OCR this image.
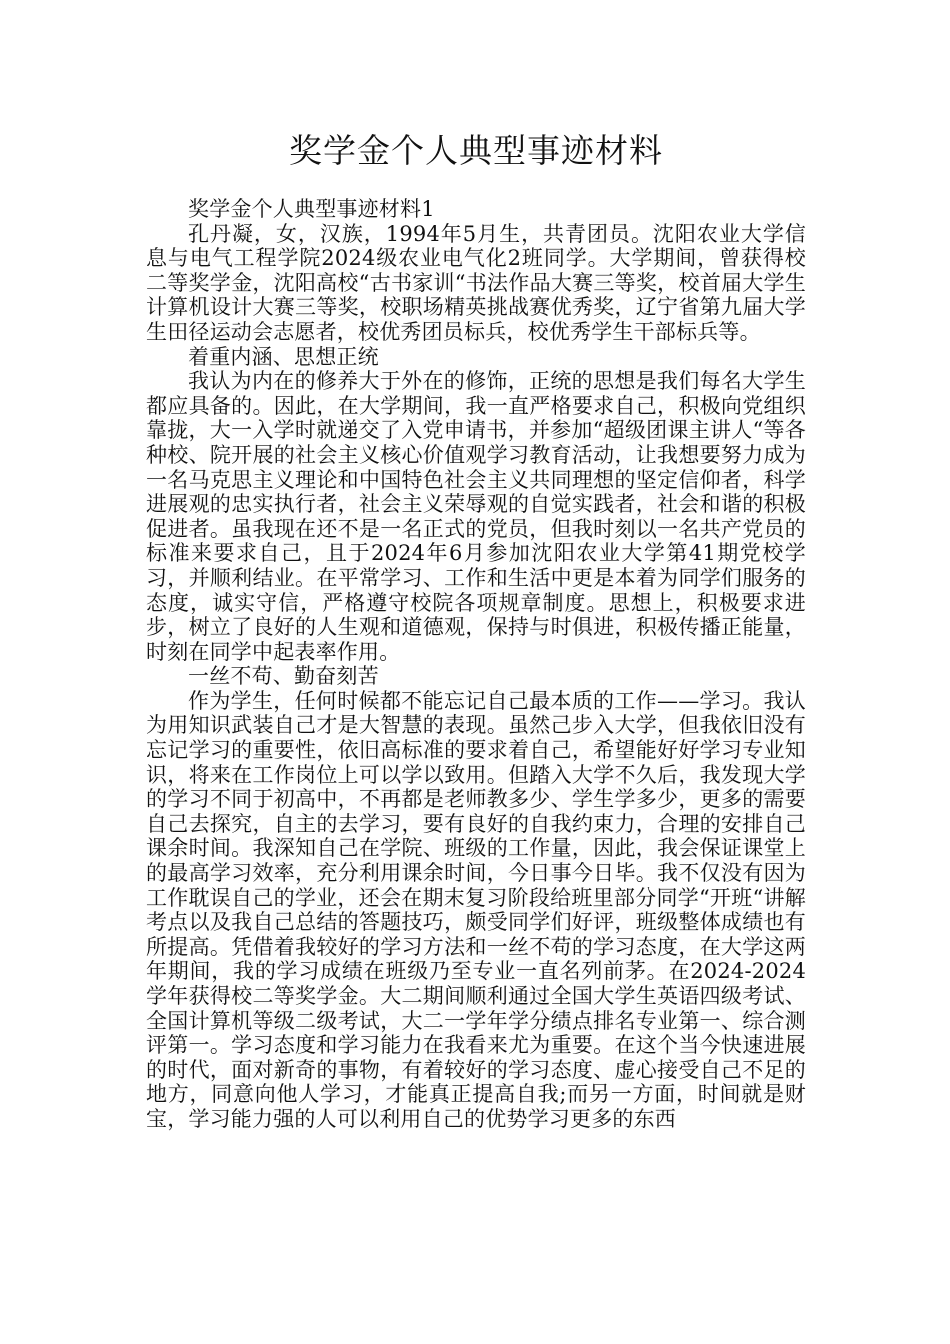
奖学金个人典型事迹材料

奖学金个人典型事迹材料1

孔丹凝，女，汉族，1994年5月生，共青团员。沈阳农业大学信息与电气工程学院2024级农业电气化2班同学。大学期间，曾获得校二等奖学金，沈阳高校“古书家训“书法作品大赛三等奖，校首届大学生计算机设计大赛三等奖，校职场精英挑战赛优秀奖，辽宁省第九届大学生田径运动会志愿者，校优秀团员标兵，校优秀学生干部标兵等。

着重内涵、思想正统

我认为内在的修养大于外在的修饰，正统的思想是我们每名大学生都应具备的。因此，在大学期间，我一直严格要求自己，积极向党组织靠拢，大一入学时就递交了入党申请书，并参加“超级团课主讲人“等各种校、院开展的社会主义核心价值观学习教育活动，让我想要努力成为一名马克思主义理论和中国特色社会主义共同理想的坚定信仰者，科学进展观的忠实执行者，社会主义荣辱观的自觉实践者，社会和谐的积极促进者。虽我现在还不是一名正式的党员，但我时刻以一名共产党员的标准来要求自己，且于2024年6月参加沈阳农业大学第41期党校学习，并顺利结业。在平常学习、工作和生活中更是本着为同学们服务的态度，诚实守信，严格遵守校院各项规章制度。思想上，积极要求进步，树立了良好的人生观和道德观，保持与时俱进，积极传播正能量，时刻在同学中起表率作用。

一丝不苟、勤奋刻苦

作为学生，任何时候都不能忘记自己最本质的工作——学习。我认为用知识武装自己才是大智慧的表现。虽然己步入大学，但我依旧没有忘记学习的重要性，依旧高标准的要求着自己，希望能好好学习专业知识，将来在工作岗位上可以学以致用。但踏入大学不久后，我发现大学的学习不同于初高中，不再都是老师教多少、学生学多少，更多的需要自己去探究，自主的去学习，要有良好的自我约束力，合理的安排自己课余时间。我深知自己在学院、班级的工作量，因此，我会保证课堂上的最高学习效率，充分利用课余时间，今日事今日毕。我不仅没有因为工作耽误自己的学业，还会在期末复习阶段给班里部分同学“开班“讲解考点以及我自己总结的答题技巧，颇受同学们好评，班级整体成绩也有所提高。凭借着我较好的学习方法和一丝不苟的学习态度，在大学这两年期间，我的学习成绩在班级乃至专业一直名列前茅。在2024-2024学年获得校二等奖学金。大二期间顺利通过全国大学生英语四级考试、全国计算机等级二级考试，大二一学年学分绩点排名专业第一、综合测评第一。学习态度和学习能力在我看来尤为重要。在这个当今快速进展的时代，面对新奇的事物，有着较好的学习态度、虚心接受自己不足的地方，同意向他人学习，才能真正提高自我;而另一方面，时间就是财宝，学习能力强的人可以利用自己的优势学习更多的东西
